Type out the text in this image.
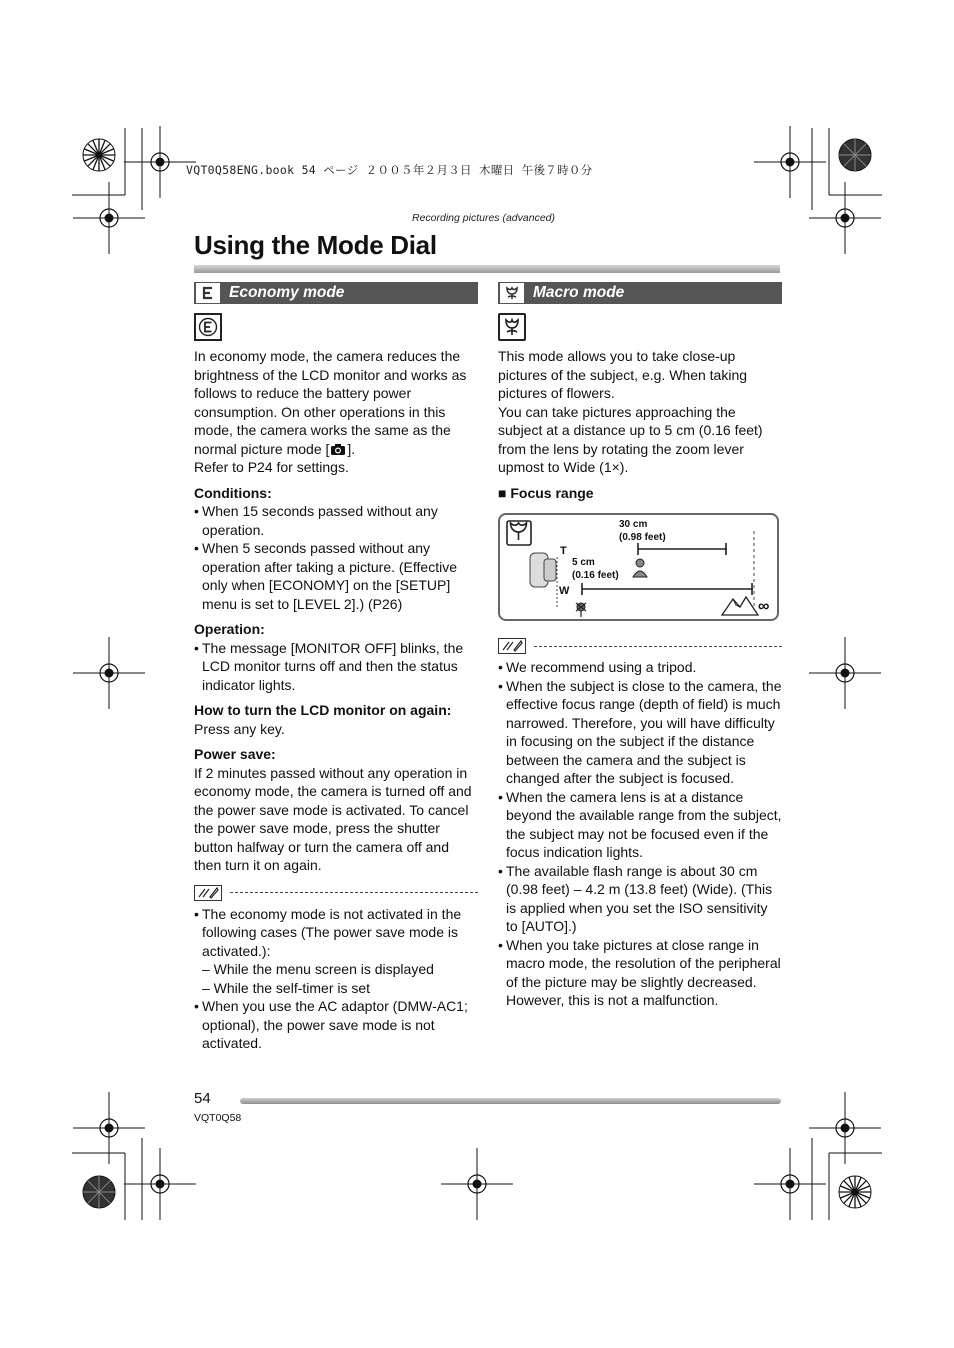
VQT0Q58ENG.book 54 ページ ２００５年２月３日 木曜日 午後７時０分
Recording pictures (advanced)
Using the Mode Dial
Economy mode

In economy mode, the camera reduces the brightness of the LCD monitor and works as follows to reduce the battery power consumption. On other operations in this mode, the camera works the same as the normal picture mode [ ].

Refer to P24 for settings.

Conditions:

• When 15 seconds passed without any operation.
• When 5 seconds passed without any operation after taking a picture. (Effective only when [ECONOMY] on the [SETUP] menu is set to [LEVEL 2].) (P26)

Operation:

• The message [MONITOR OFF] blinks, the LCD monitor turns off and then the status indicator lights.

How to turn the LCD monitor on again:

Press any key.

Power save:

If 2 minutes passed without any operation in economy mode, the camera is turned off and the power save mode is activated. To cancel the power save mode, press the shutter button halfway or turn the camera off and then turn it on again.

• The economy mode is not activated in the following cases (The power save mode is activated.):
– While the menu screen is displayed
– While the self-timer is set
• When you use the AC adaptor (DMW-AC1; optional), the power save mode is not activated.
Macro mode

This mode allows you to take close-up pictures of the subject, e.g. When taking pictures of flowers.

You can take pictures approaching the subject at a distance up to 5 cm (0.16 feet) from the lens by rotating the zoom lever upmost to Wide (1×).

■ Focus range

T
W
30 cm
(0.98 feet)
5 cm
(0.16 feet)
∞
• We recommend using a tripod.
• When the subject is close to the camera, the effective focus range (depth of field) is much narrowed. Therefore, you will have difficulty in focusing on the subject if the distance between the camera and the subject is changed after the subject is focused.
• When the camera lens is at a distance beyond the available range from the subject, the subject may not be focused even if the focus indication lights.
• The available flash range is about 30 cm (0.98 feet) – 4.2 m (13.8 feet) (Wide). (This is applied when you set the ISO sensitivity to [AUTO].)
• When you take pictures at close range in macro mode, the resolution of the peripheral of the picture may be slightly decreased. However, this is not a malfunction.
54
VQT0Q58
